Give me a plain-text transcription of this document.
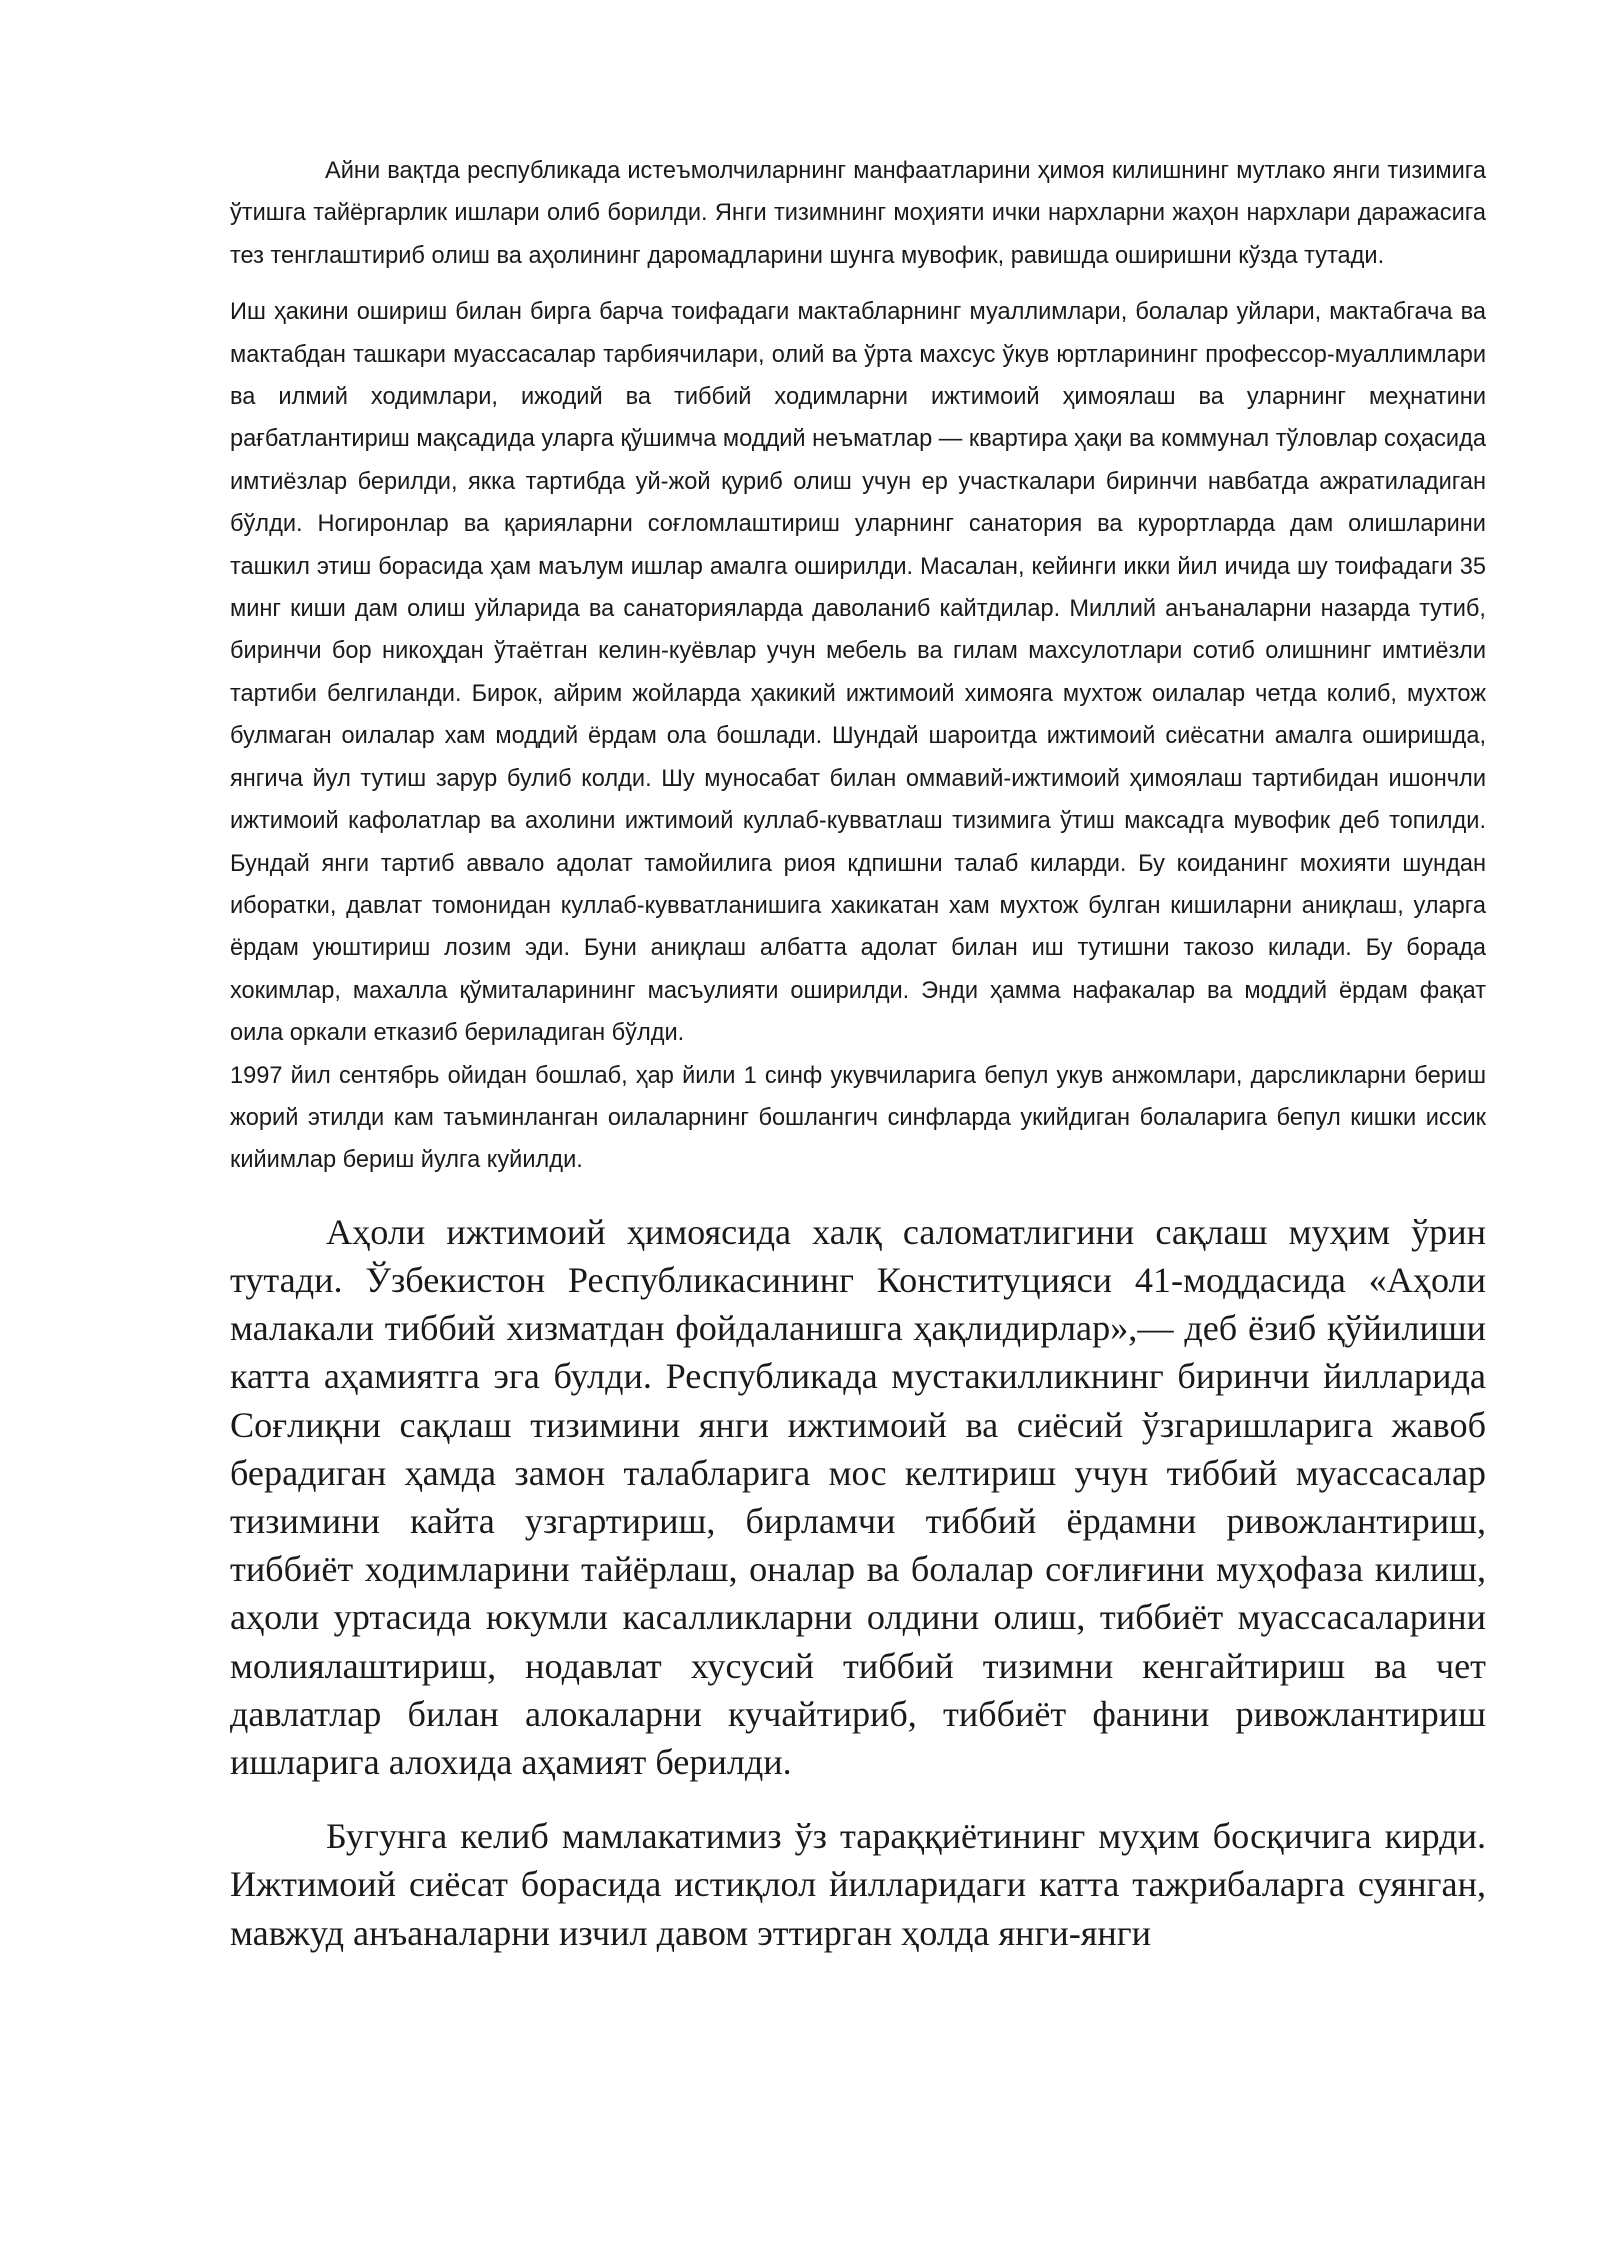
Айни вақтда республикада истеъмолчиларнинг манфаатларини ҳимоя килишнинг мутлако янги тизимига ўтишга тайёргарлик ишлари олиб борилди. Янги тизимнинг моҳияти ички нархларни жаҳон нархлари даражасига тез тенглаштириб олиш ва аҳолининг даромадларини шунга мувофик, равишда оширишни кўзда тутади.

Иш ҳакини ошириш билан бирга барча тоифадаги мактабларнинг муаллимлари, болалар уйлари, мактабгача ва мактабдан ташкари муассасалар тарбиячилари, олий ва ўрта махсус ўкув юртларининг профессор-муаллимлари ва илмий ходимлари, ижодий ва тиббий ходимларни ижтимоий ҳимоялаш ва уларнинг меҳнатини рағбатлантириш мақсадида уларга қўшимча моддий неъматлар — квартира ҳақи ва коммунал тўловлар соҳасида имтиёзлар берилди, якка тартибда уй-жой қуриб олиш учун ер участкалари биринчи навбатда ажратиладиган бўлди. Ногиронлар ва қарияларни соғломлаштириш уларнинг санатория ва курортларда дам олишларини ташкил этиш борасида ҳам маълум ишлар амалга оширилди. Масалан, кейинги икки йил ичида шу тоифадаги 35 минг киши дам олиш уйларида ва санаторияларда даволаниб кайтдилар. Миллий анъаналарни назарда тутиб, биринчи бор никоҳдан ўтаётган келин-куёвлар учун мебель ва гилам махсулотлари сотиб олишнинг имтиёзли тартиби белгиланди. Бирок, айрим жойларда ҳакикий ижтимоий химояга мухтож оилалар четда колиб, мухтож булмаган оилалар хам моддий ёрдам ола бошлади. Шундай шароитда ижтимоий сиёсатни амалга оширишда, янгича йул тутиш зарур булиб колди. Шу муносабат билан оммавий-ижтимоий ҳимоялаш тартибидан ишончли ижтимоий кафолатлар ва ахолини ижтимоий куллаб-кувватлаш тизимига ўтиш максадга мувофик деб топилди. Бундай янги тартиб аввало адолат тамойилига риоя кдпишни талаб киларди. Бу коиданинг мохияти шундан иборатки, давлат томонидан куллаб-кувватланишига хакикатан хам мухтож булган кишиларни аниқлаш, уларга ёрдам уюштириш лозим эди. Буни аниқлаш албатта адолат билан иш тутишни такозо килади. Бу борада хокимлар, махалла қўмиталарининг масъулияти оширилди. Энди ҳамма нафакалар ва моддий ёрдам фақат оила оркали етказиб бериладиган бўлди.

1997 йил сентябрь ойидан бошлаб, ҳар йили 1 синф укувчиларига бепул укув анжомлари, дарсликларни бериш жорий этилди кам таъминланган оилаларнинг бошлангич синфларда укийдиган болаларига бепул кишки иссик кийимлар бериш йулга куйилди.

Аҳоли ижтимоий ҳимоясида халқ саломатлигини сақлаш муҳим ўрин тутади. Ўзбекистон Республикасининг Конституцияси 41-моддасида «Аҳоли малакали тиббий хизматдан фойдаланишга ҳақлидирлар»,— деб ёзиб қўйилиши катта аҳамиятга эга булди. Республикада мустакилликнинг биринчи йилларида Соғлиқни сақлаш тизимини янги ижтимоий ва сиёсий ўзгаришларига жавоб берадиган ҳамда замон талабларига мос келтириш учун тиббий муассасалар тизимини кайта узгартириш, бирламчи тиббий ёрдамни ривожлантириш, тиббиёт ходимларини тайёрлаш, оналар ва болалар соғлиғини муҳофаза килиш, аҳоли уртасида юкумли касалликларни олдини олиш, тиббиёт муассасаларини молиялаштириш, нодавлат хусусий тиббий тизимни кенгайтириш ва чет давлатлар билан алокаларни кучайтириб, тиббиёт фанини ривожлантириш ишларига алохида аҳамият берилди.

Бугунга келиб мамлакатимиз ўз тараққиётининг муҳим босқичига кирди. Ижтимоий сиёсат борасида истиқлол йилларидаги катта тажрибаларга суянган, мавжуд анъаналарни изчил давом эттирган ҳолда янги-янги
